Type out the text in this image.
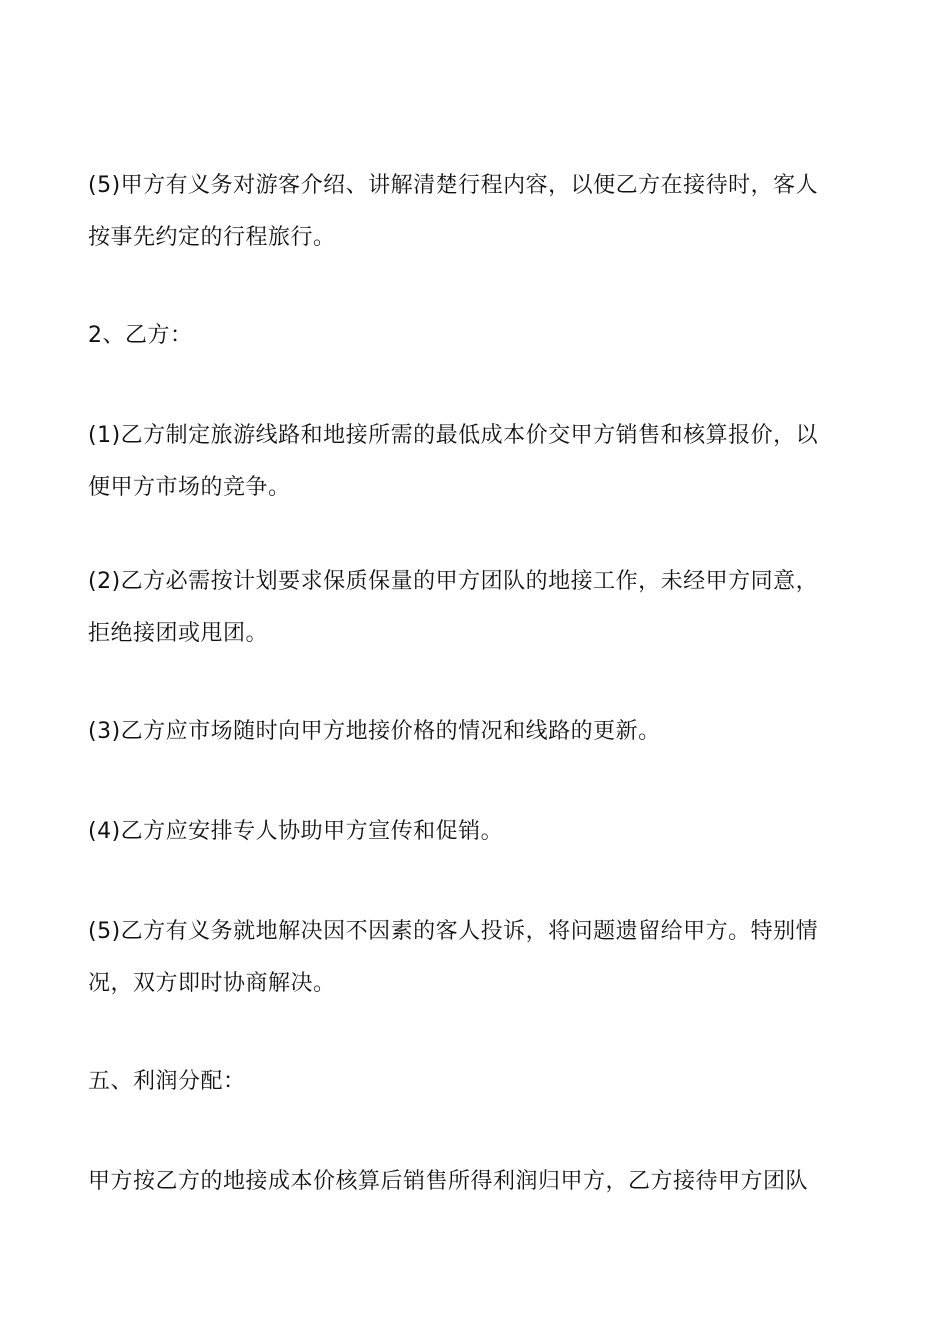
(5)甲方有义务对游客介绍、讲解清楚行程内容，以便乙方在接待时，客人
按事先约定的行程旅行。
2、乙方：
(1)乙方制定旅游线路和地接所需的最低成本价交甲方销售和核算报价，以
便甲方市场的竞争。
(2)乙方必需按计划要求保质保量的甲方团队的地接工作，未经甲方同意，
拒绝接团或甩团。
(3)乙方应市场随时向甲方地接价格的情况和线路的更新。
(4)乙方应安排专人协助甲方宣传和促销。
(5)乙方有义务就地解决因不因素的客人投诉，将问题遗留给甲方。特别情
况，双方即时协商解决。
五、利润分配：
甲方按乙方的地接成本价核算后销售所得利润归甲方，乙方接待甲方团队
